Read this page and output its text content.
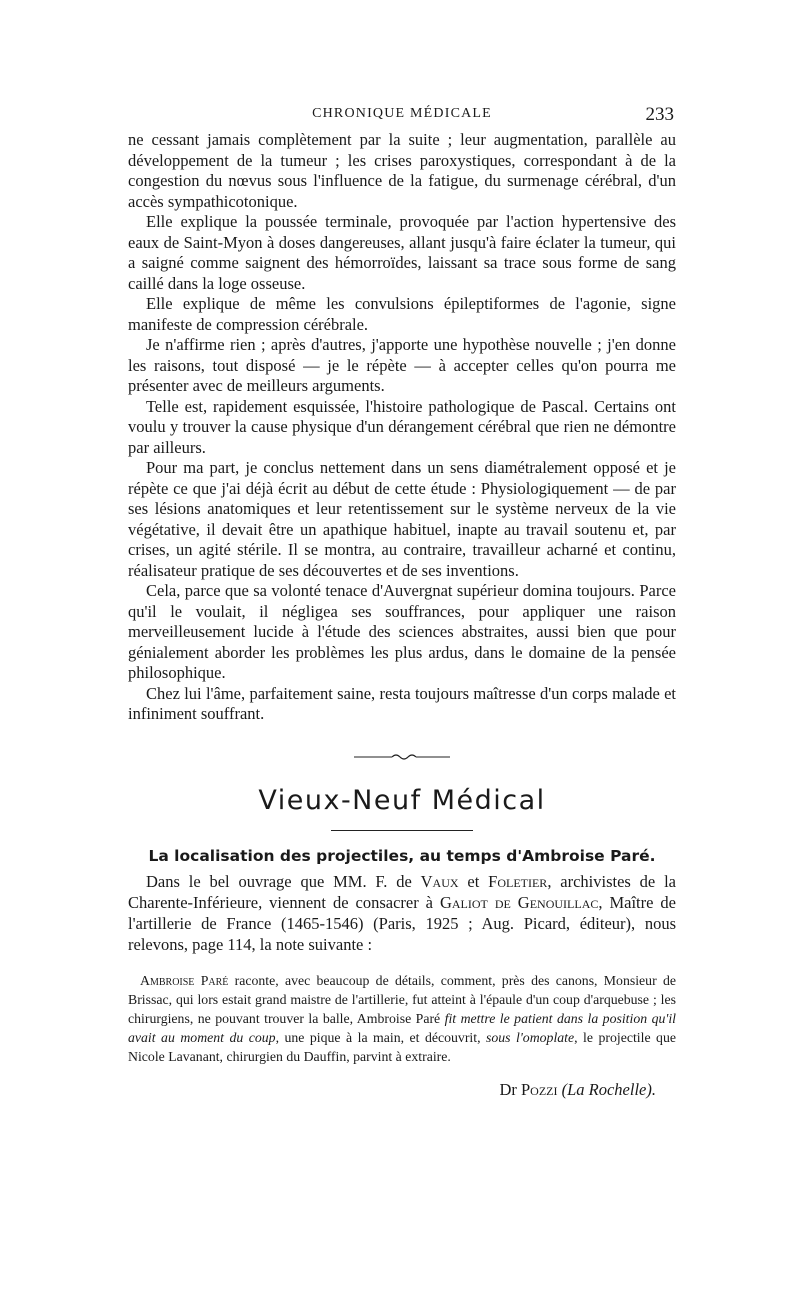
CHRONIQUE MÉDICALE	233

ne cessant jamais complètement par la suite ; leur augmentation, parallèle au développement de la tumeur ; les crises paroxystiques, correspondant à de la congestion du nœvus sous l'influence de la fatigue, du surmenage cérébral, d'un accès sympathicotonique.

Elle explique la poussée terminale, provoquée par l'action hypertensive des eaux de Saint-Myon à doses dangereuses, allant jusqu'à faire éclater la tumeur, qui a saigné comme saignent des hémorroïdes, laissant sa trace sous forme de sang caillé dans la loge osseuse.

Elle explique de même les convulsions épileptiformes de l'agonie, signe manifeste de compression cérébrale.

Je n'affirme rien ; après d'autres, j'apporte une hypothèse nouvelle ; j'en donne les raisons, tout disposé — je le répète — à accepter celles qu'on pourra me présenter avec de meilleurs arguments.

Telle est, rapidement esquissée, l'histoire pathologique de Pascal. Certains ont voulu y trouver la cause physique d'un dérangement cérébral que rien ne démontre par ailleurs.

Pour ma part, je conclus nettement dans un sens diamétralement opposé et je répète ce que j'ai déjà écrit au début de cette étude : Physiologiquement — de par ses lésions anatomiques et leur retentissement sur le système nerveux de la vie végétative, il devait être un apathique habituel, inapte au travail soutenu et, par crises, un agité stérile. Il se montra, au contraire, travailleur acharné et continu, réalisateur pratique de ses découvertes et de ses inventions.

Cela, parce que sa volonté tenace d'Auvergnat supérieur domina toujours. Parce qu'il le voulait, il négligea ses souffrances, pour appliquer une raison merveilleusement lucide à l'étude des sciences abstraites, aussi bien que pour génialement aborder les problèmes les plus ardus, dans le domaine de la pensée philosophique.

Chez lui l'âme, parfaitement saine, resta toujours maîtresse d'un corps malade et infiniment souffrant.

Vieux-Neuf Médical
La localisation des projectiles, au temps d'Ambroise Paré.

Dans le bel ouvrage que MM. F. de Vaux et Foletier, archivistes de la Charente-Inférieure, viennent de consacrer à Galiot de Genouillac, Maître de l'artillerie de France (1465-1546) (Paris, 1925 ; Aug. Picard, éditeur), nous relevons, page 114, la note suivante :

Ambroise Paré raconte, avec beaucoup de détails, comment, près des canons, Monsieur de Brissac, qui lors estait grand maistre de l'artillerie, fut atteint à l'épaule d'un coup d'arquebuse ; les chirurgiens, ne pouvant trouver la balle, Ambroise Paré fit mettre le patient dans la position qu'il avait au moment du coup, une pique à la main, et découvrit, sous l'omoplate, le projectile que Nicole Lavanant, chirurgien du Dauffin, parvint à extraire.

Dr Pozzi (La Rochelle).
